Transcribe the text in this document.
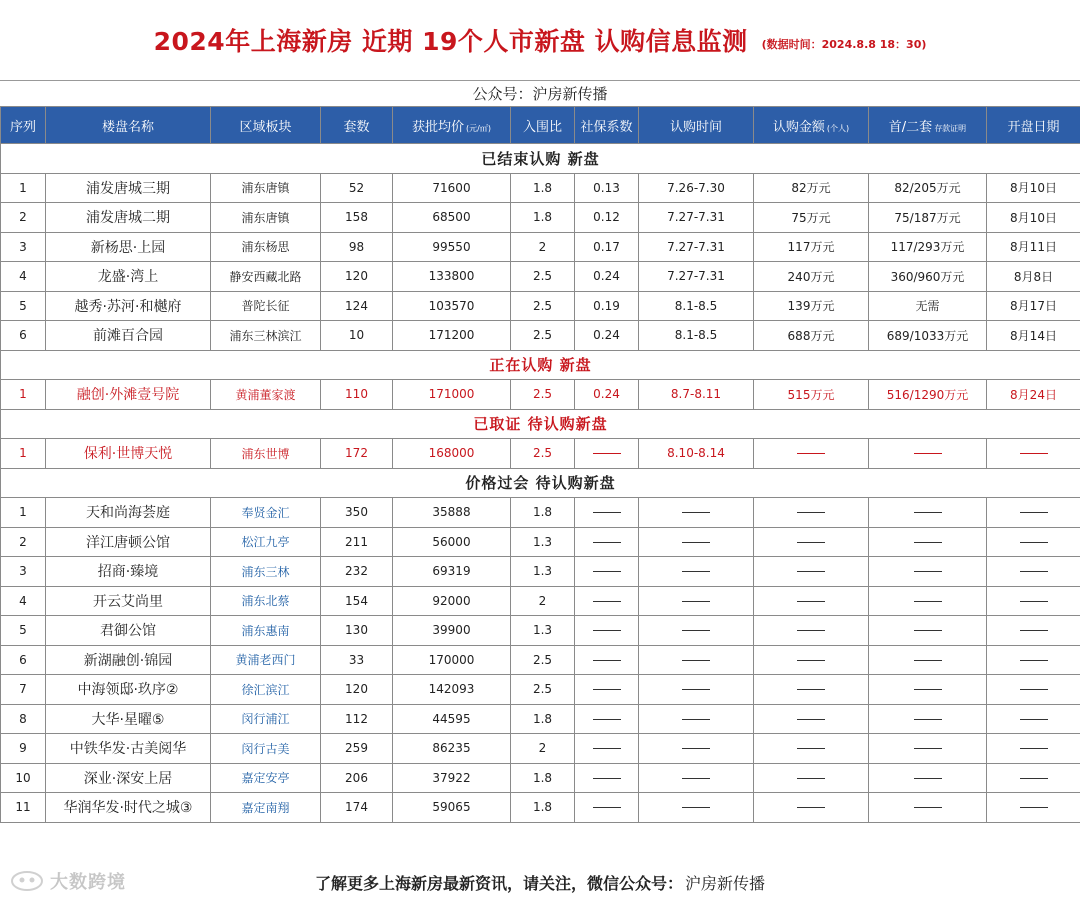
2024年上海新房 近期 19个人市新盘 认购信息监测 (数据时间：2024.8.8 18：30)
公众号：沪房新传播
序列	楼盘名称	区域板块	套数	获批均价 (元/㎡)	入围比	社保系数	认购时间	认购金额 (个人)	首/二套 存款证明	开盘日期
已结束认购 新盘										
1	浦发唐城三期	浦东唐镇	52	71600	1.8	0.13	7.26-7.30	82万元	82/205万元	8月10日
2	浦发唐城二期	浦东唐镇	158	68500	1.8	0.12	7.27-7.31	75万元	75/187万元	8月10日
3	新杨思·上园	浦东杨思	98	99550	2	0.17	7.27-7.31	117万元	117/293万元	8月11日
4	龙盛·湾上	静安西藏北路	120	133800	2.5	0.24	7.27-7.31	240万元	360/960万元	8月8日
5	越秀·苏河·和樾府	普陀长征	124	103570	2.5	0.19	8.1-8.5	139万元	无需	8月17日
6	前滩百合园	浦东三林滨江	10	171200	2.5	0.24	8.1-8.5	688万元	689/1033万元	8月14日
正在认购 新盘										
1	融创·外滩壹号院	黄浦董家渡	110	171000	2.5	0.24	8.7-8.11	515万元	516/1290万元	8月24日
已取证 待认购新盘										
1	保利·世博天悦	浦东世博	172	168000	2.5		8.10-8.14			
价格过会 待认购新盘										
1	天和尚海荟庭	奉贤金汇	350	35888	1.8					
2	洋江唐顿公馆	松江九亭	211	56000	1.3					
3	招商·臻境	浦东三林	232	69319	1.3					
4	开云艾尚里	浦东北蔡	154	92000	2					
5	君御公馆	浦东惠南	130	39900	1.3					
6	新湖融创·锦园	黄浦老西门	33	170000	2.5					
7	中海领邸·玖序②	徐汇滨江	120	142093	2.5					
8	大华·星曜⑤	闵行浦江	112	44595	1.8					
9	中铁华发·古美阅华	闵行古美	259	86235	2					
10	深业·深安上居	嘉定安亭	206	37922	1.8					
11	华润华发·时代之城③	嘉定南翔	174	59065	1.8					
了解更多上海新房最新资讯，请关注，微信公众号： 沪房新传播
大数跨境
